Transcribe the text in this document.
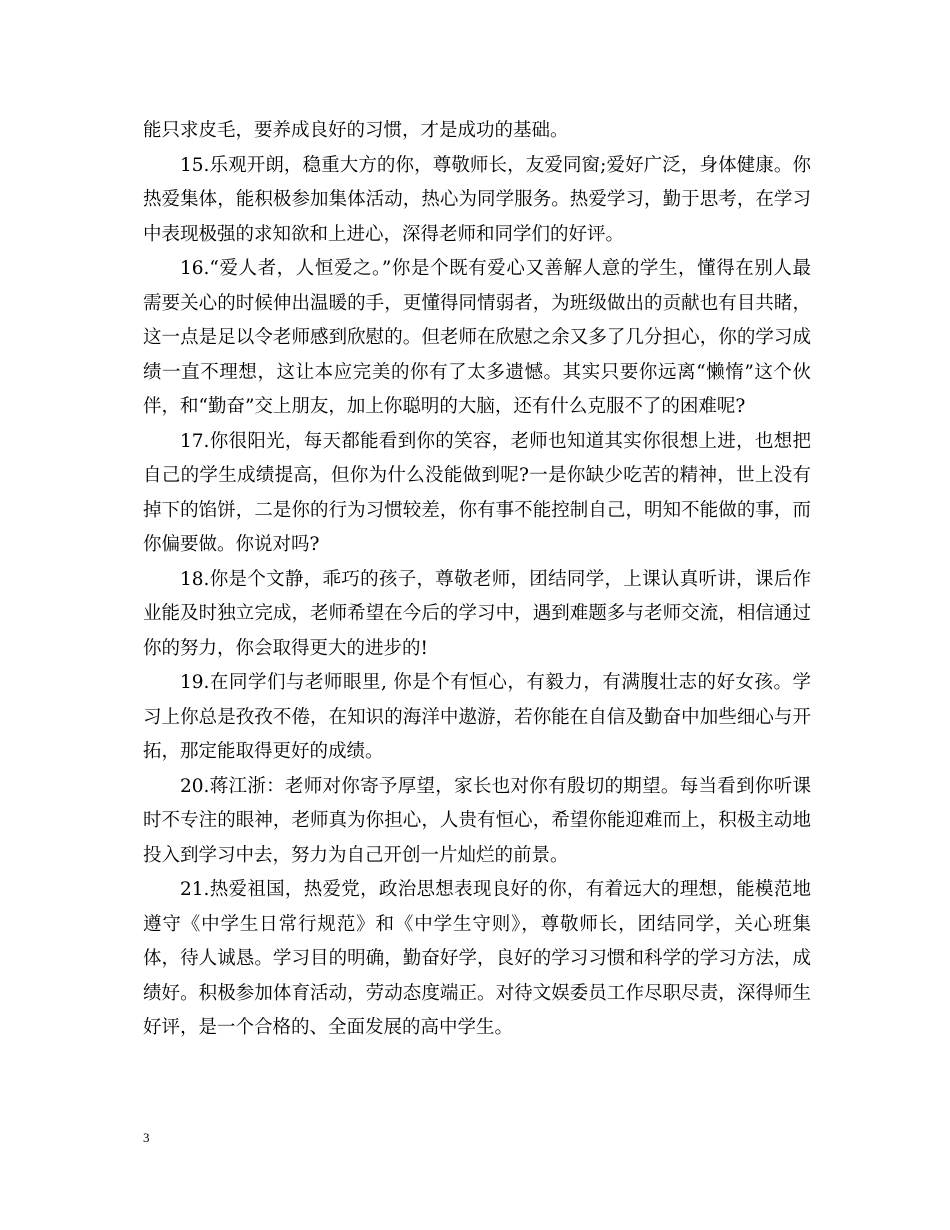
能只求皮毛，要养成良好的习惯，才是成功的基础。

15.乐观开朗，稳重大方的你，尊敬师长，友爱同窗;爱好广泛，身体健康。你热爱集体，能积极参加集体活动，热心为同学服务。热爱学习，勤于思考，在学习中表现极强的求知欲和上进心，深得老师和同学们的好评。

16.“爱人者，人恒爱之。”你是个既有爱心又善解人意的学生，懂得在别人最需要关心的时候伸出温暖的手，更懂得同情弱者，为班级做出的贡献也有目共睹，这一点是足以令老师感到欣慰的。但老师在欣慰之余又多了几分担心，你的学习成绩一直不理想，这让本应完美的你有了太多遗憾。其实只要你远离“懒惰”这个伙伴，和“勤奋”交上朋友，加上你聪明的大脑，还有什么克服不了的困难呢?

17.你很阳光，每天都能看到你的笑容，老师也知道其实你很想上进，也想把自己的学生成绩提高，但你为什么没能做到呢?一是你缺少吃苦的精神，世上没有掉下的馅饼，二是你的行为习惯较差，你有事不能控制自己，明知不能做的事，而你偏要做。你说对吗?

18.你是个文静，乖巧的孩子，尊敬老师，团结同学，上课认真听讲，课后作业能及时独立完成，老师希望在今后的学习中，遇到难题多与老师交流，相信通过你的努力，你会取得更大的进步的!

19.在同学们与老师眼里, 你是个有恒心，有毅力，有满腹壮志的好女孩。学习上你总是孜孜不倦，在知识的海洋中遨游，若你能在自信及勤奋中加些细心与开拓，那定能取得更好的成绩。

20.蒋江浙：老师对你寄予厚望，家长也对你有殷切的期望。每当看到你听课时不专注的眼神，老师真为你担心，人贵有恒心，希望你能迎难而上，积极主动地投入到学习中去，努力为自己开创一片灿烂的前景。

21.热爱祖国，热爱党，政治思想表现良好的你，有着远大的理想，能模范地遵守《中学生日常行规范》和《中学生守则》，尊敬师长，团结同学，关心班集体，待人诚恳。学习目的明确，勤奋好学，良好的学习习惯和科学的学习方法，成绩好。积极参加体育活动，劳动态度端正。对待文娱委员工作尽职尽责，深得师生好评，是一个合格的、全面发展的高中学生。

3
